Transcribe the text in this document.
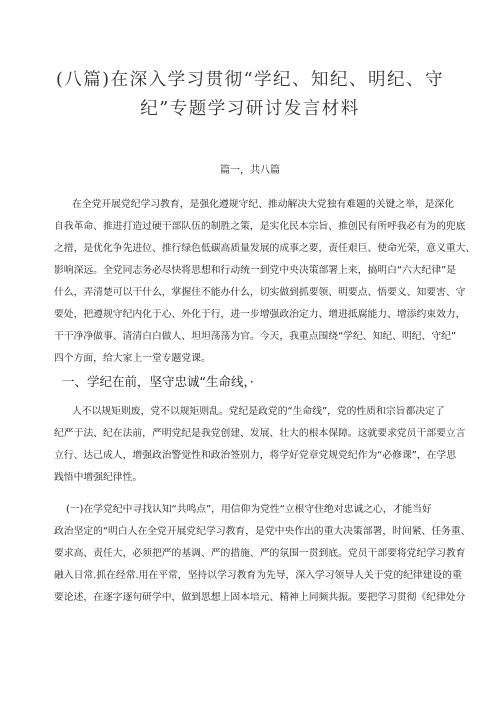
(八篇)在深入学习贯彻“学纪、知纪、明纪、守
纪”专题学习研讨发言材料
篇一，共八篇
在全党开展党纪学习教育，是强化遵规守纪、推动解决大党独有难题的关键之举，是深化
自我革命、推进打造过硬干部队伍的制胜之策，是实化民本宗旨、推创民有所呼我必有为的兜底
之措，是优化争先进位、推行绿色低碳高质量发展的成事之要，责任艰巨、使命光荣，意义重大、
影响深远。全党同志务必尽快将思想和行动统一到党中央决策部署上来，搞明白“六大纪律”是
什么，弄清楚可以干什么，掌握住不能办什么，切实做到抓要领、明要点、悟要义、知要害、守
要处，把遵规守纪内化于心、外化于行，进一步增强政治定力、增进抵腐能力、增添约束效力，
干干净净做事、清清白白做人、坦坦荡荡为官。今天，我重点围绕“学纪、知纪、明纪、守纪”
四个方面，给大家上一堂专题党课。
一、学纪在前，坚守忠诚“生命线，·
人不以规矩则废，党不以规矩则乱。党纪是政党的“生命线”，党的性质和宗旨都决定了
纪严于法、纪在法前，严明党纪是我党创建、发展、壮大的根本保障。这就要求党员干部要立言
立行、达己成人，增强政治警觉性和政治签别力，将学好党章党规党纪作为“必修课”，在学思
践悟中增强纪律性。
(一)在学党纪中寻找认知“共鸣点”，用信仰为党性“立根守住绝对忠诚之心，才能当好
政治坚定的“明白人在全党开展党纪学习教育，是党中央作出的重大决策部署，时间紧、任务重、
要求高、责任大，必须把严的基调、严的措施、严的氛围一贯到底。党员干部要将党纪学习教育
融入日常.抓在经常.用在平常，坚持以学习教育为先导，深入学习领导人关于党的纪律建设的重
要论述，在逐字逐句研学中，做到思想上固本培元、精神上同频共振。要把学习贯彻《纪律处分
